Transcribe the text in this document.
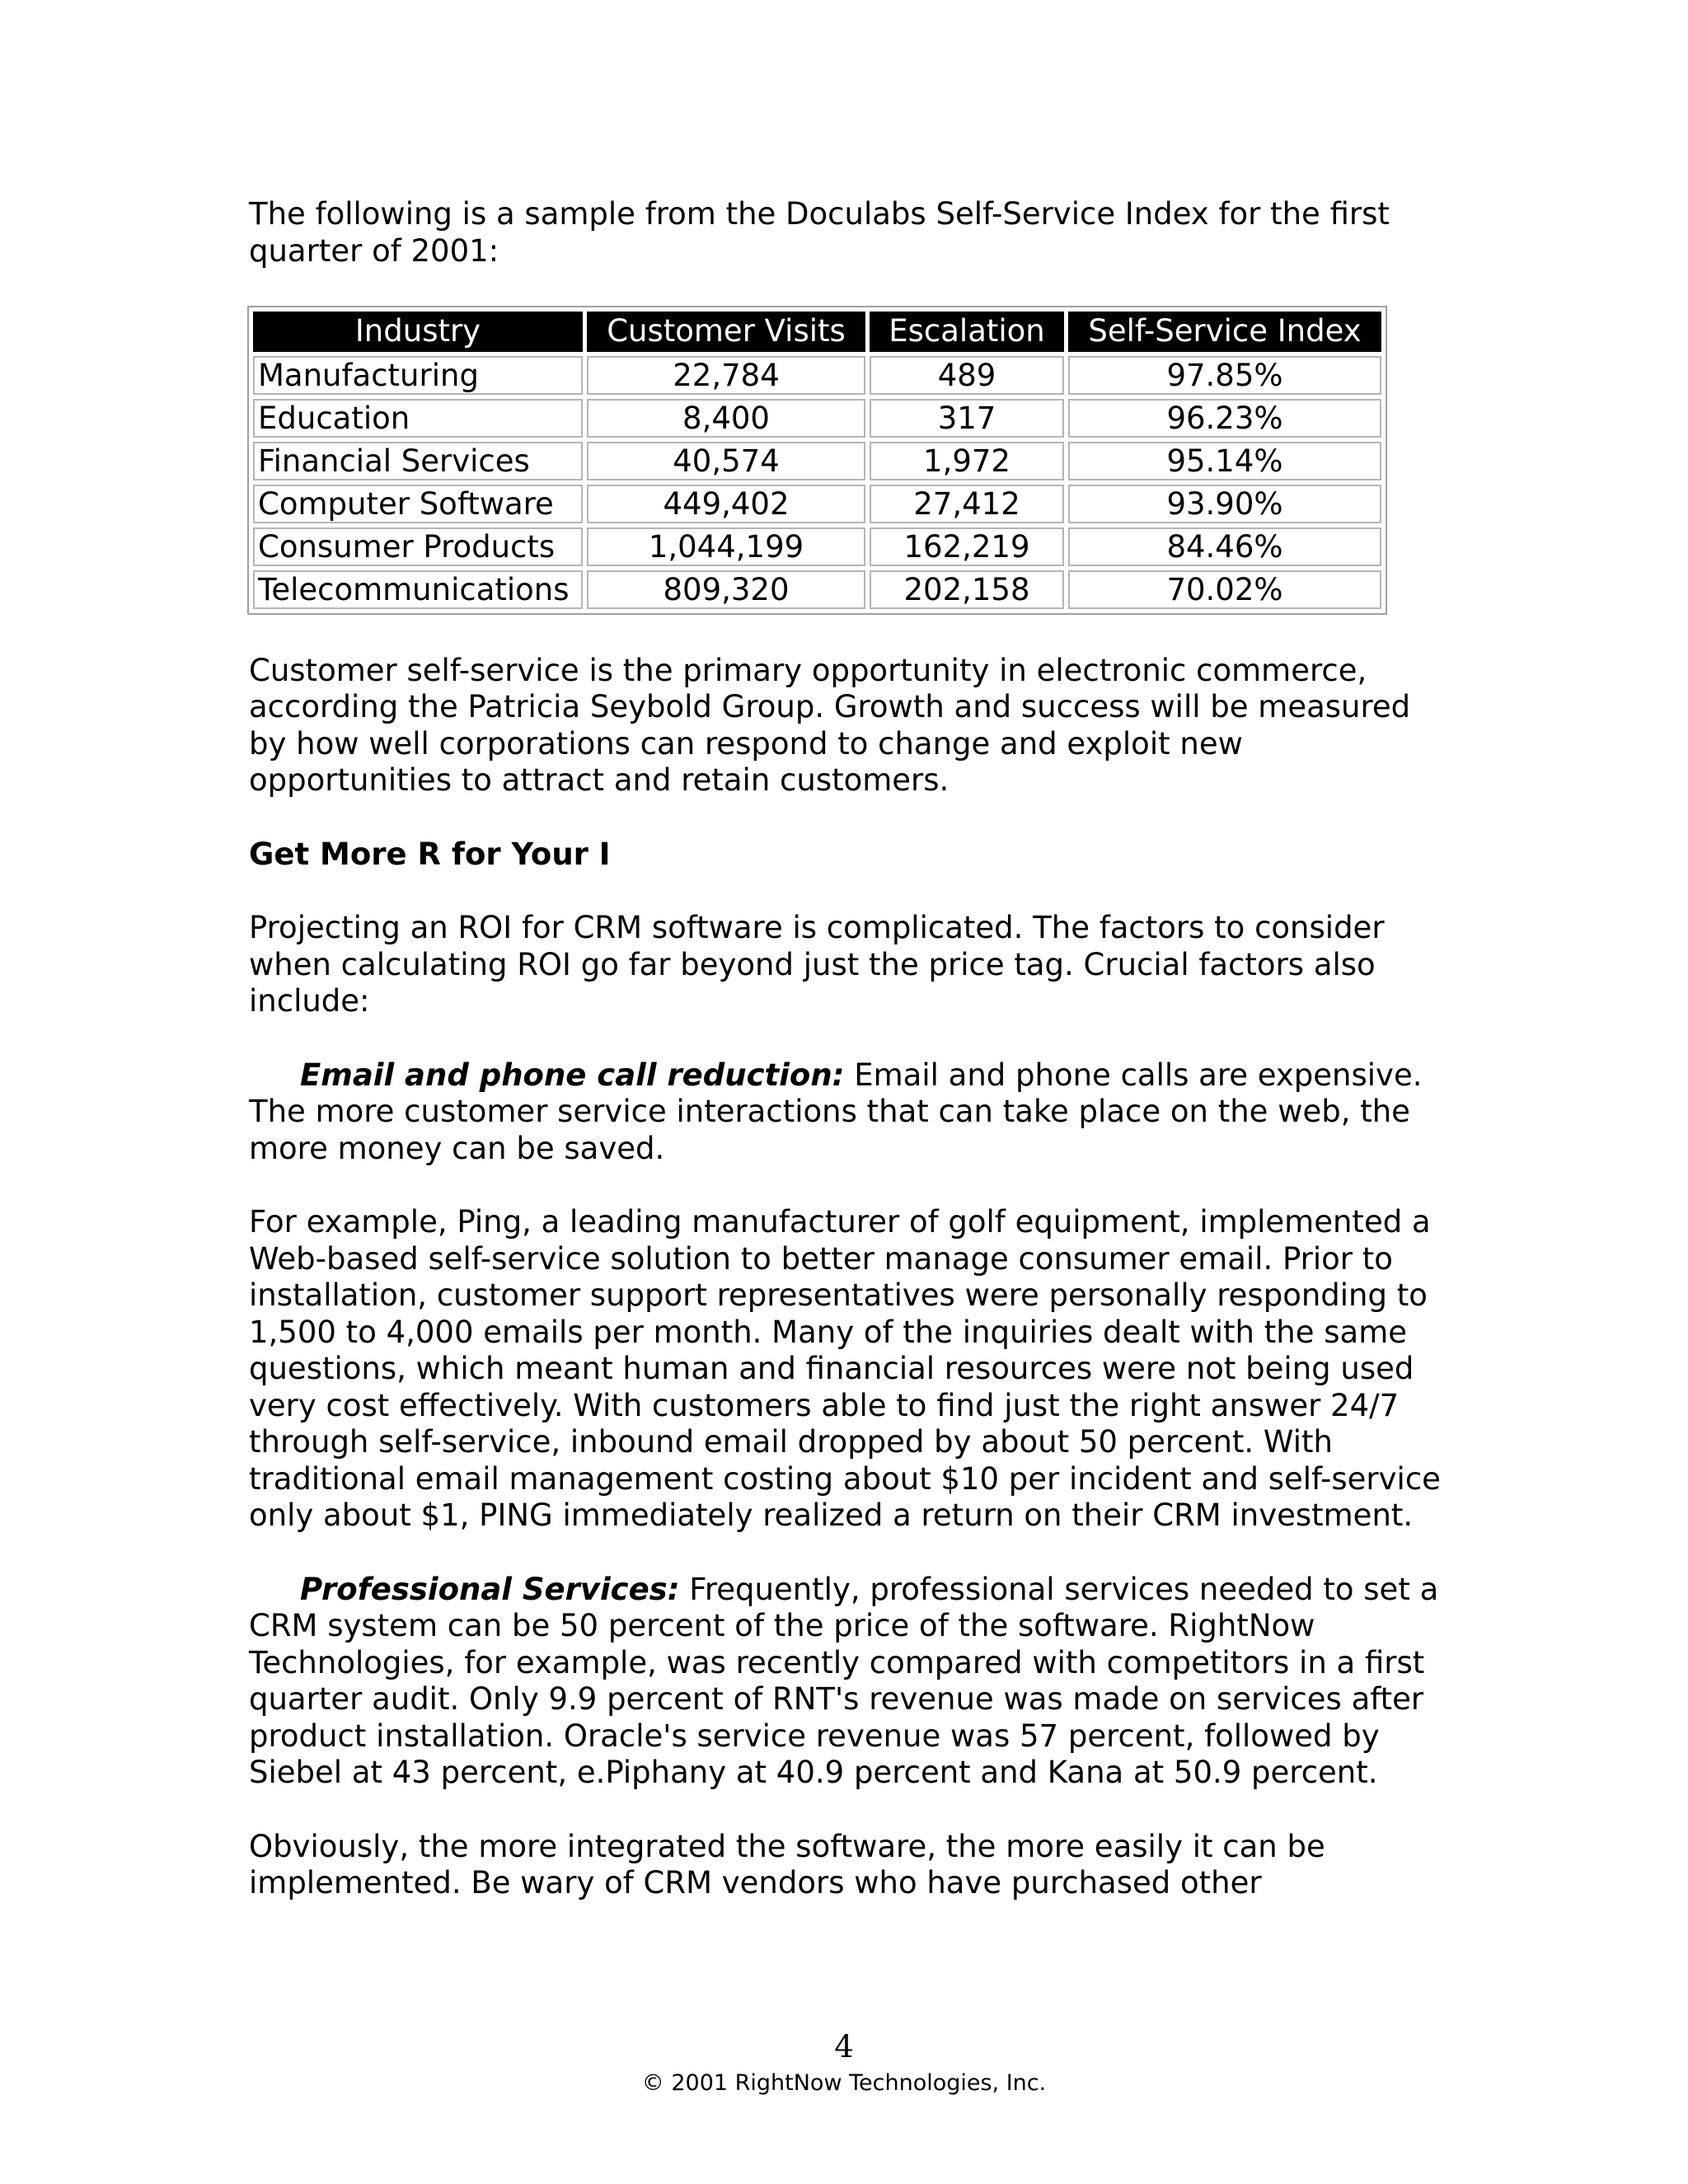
The following is a sample from the Doculabs Self-Service Index for the first quarter of 2001:

Industry	Customer Visits	Escalation	Self-Service Index
Manufacturing	22,784	489	97.85%
Education	8,400	317	96.23%
Financial Services	40,574	1,972	95.14%
Computer Software	449,402	27,412	93.90%
Consumer Products	1,044,199	162,219	84.46%
Telecommunications	809,320	202,158	70.02%

Customer self-service is the primary opportunity in electronic commerce, according the Patricia Seybold Group. Growth and success will be measured by how well corporations can respond to change and exploit new opportunities to attract and retain customers.

Get More R for Your I

Projecting an ROI for CRM software is complicated. The factors to consider when calculating ROI go far beyond just the price tag. Crucial factors also include:

Email and phone call reduction: Email and phone calls are expensive. The more customer service interactions that can take place on the web, the more money can be saved.

For example, Ping, a leading manufacturer of golf equipment, implemented a Web-based self-service solution to better manage consumer email. Prior to installation, customer support representatives were personally responding to 1,500 to 4,000 emails per month. Many of the inquiries dealt with the same questions, which meant human and financial resources were not being used very cost effectively. With customers able to find just the right answer 24/7 through self-service, inbound email dropped by about 50 percent. With traditional email management costing about $10 per incident and self-service only about $1, PING immediately realized a return on their CRM investment.

Professional Services: Frequently, professional services needed to set a CRM system can be 50 percent of the price of the software. RightNow Technologies, for example, was recently compared with competitors in a first quarter audit. Only 9.9 percent of RNT's revenue was made on services after product installation. Oracle's service revenue was 57 percent, followed by Siebel at 43 percent, e.Piphany at 40.9 percent and Kana at 50.9 percent.

Obviously, the more integrated the software, the more easily it can be implemented. Be wary of CRM vendors who have purchased other

4
© 2001 RightNow Technologies, Inc.
